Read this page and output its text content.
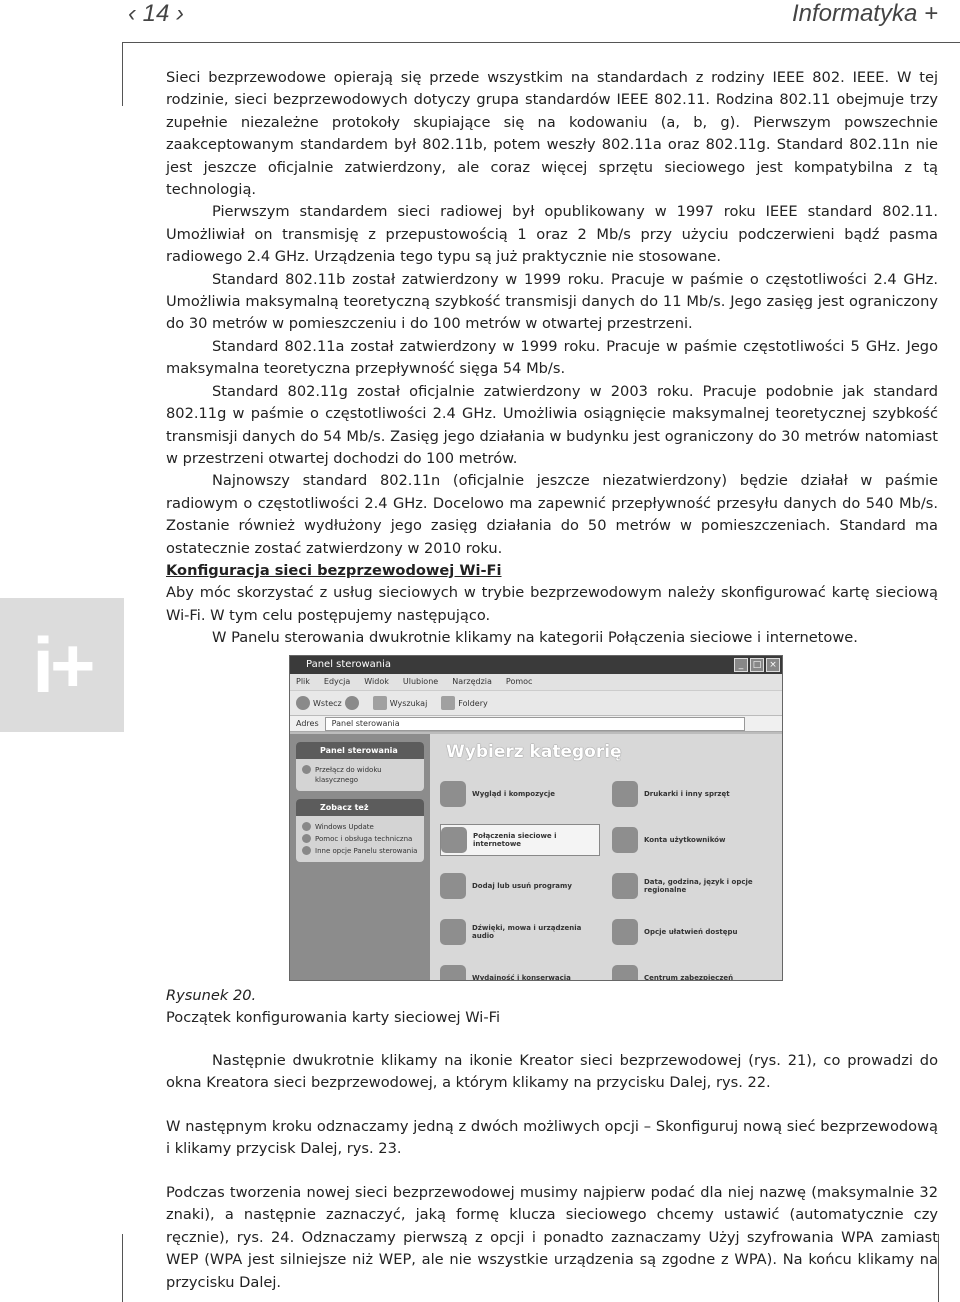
‹ 14 ›	Informatyka +
i+

Sieci bezprzewodowe opierają się przede wszystkim na standardach z rodziny IEEE 802. IEEE. W tej rodzinie, sieci bezprzewodowych dotyczy grupa standardów IEEE 802.11. Rodzina 802.11 obejmuje trzy zupełnie niezależne protokoły skupiające się na kodowaniu (a, b, g). Pierwszym powszechnie zaakceptowanym standardem był 802.11b, potem weszły 802.11a oraz 802.11g. Standard 802.11n nie jest jeszcze oficjalnie zatwierdzony, ale coraz więcej sprzętu sieciowego jest kompatybilna z tą technologią.

Pierwszym standardem sieci radiowej był opublikowany w 1997 roku IEEE standard 802.11. Umożliwiał on transmisję z przepustowością 1 oraz 2 Mb/s przy użyciu podczerwieni bądź pasma radiowego 2.4 GHz. Urządzenia tego typu są już praktycznie nie stosowane.

Standard 802.11b został zatwierdzony w 1999 roku. Pracuje w paśmie o częstotliwości 2.4 GHz. Umożliwia maksymalną teoretyczną szybkość transmisji danych do 11 Mb/s. Jego zasięg jest ograniczony do 30 metrów w pomieszczeniu i do 100 metrów w otwartej przestrzeni.

Standard 802.11a został zatwierdzony w 1999 roku. Pracuje w paśmie częstotliwości 5 GHz. Jego maksymalna teoretyczna przepływność sięga 54 Mb/s.

Standard 802.11g został oficjalnie zatwierdzony w 2003 roku. Pracuje podobnie jak standard 802.11g w paśmie o częstotliwości 2.4 GHz. Umożliwia osiągnięcie maksymalnej teoretycznej szybkość transmisji danych do 54 Mb/s. Zasięg jego działania w budynku jest ograniczony do 30 metrów natomiast w przestrzeni otwartej dochodzi do 100 metrów.

Najnowszy standard 802.11n (oficjalnie jeszcze niezatwierdzony) będzie działał w paśmie radiowym o częstotliwości 2.4 GHz. Docelowo ma zapewnić przepływność przesyłu danych do 540 Mb/s. Zostanie również wydłużony jego zasięg działania do 50 metrów w pomieszczeniach. Standard ma ostatecznie zostać zatwierdzony w 2010 roku.

Konfiguracja sieci bezprzewodowej Wi-Fi

Aby móc skorzystać z usług sieciowych w trybie bezprzewodowym należy skonfigurować kartę sieciową Wi-Fi. W tym celu postępujemy następująco.

W Panelu sterowania dwukrotnie klikamy na kategorii Połączenia sieciowe i internetowe.

Panel sterowania	_	□ ×
Plik Edycja Widok Ulubione Narzędzia Pomoc
Wstecz	Wyszukaj	Foldery
Adres	Panel sterowania
Panel sterowania
Przełącz do widoku klasycznego
Zobacz też
Windows Update
Pomoc i obsługa techniczna
Inne opcje Panelu sterowania
Wybierz kategorię
Wygląd i kompozycje	Drukarki i inny sprzęt
Połączenia sieciowe i internetowe	Konta użytkowników
Dodaj lub usuń programy	Data, godzina, język i opcje regionalne
Dźwięki, mowa i urządzenia audio	Opcje ułatwień dostępu
Wydajność i konserwacja	Centrum zabezpieczeń
Rysunek 20.
Początek konfigurowania karty sieciowej Wi-Fi

Następnie dwukrotnie klikamy na ikonie Kreator sieci bezprzewodowej (rys. 21), co prowadzi do okna Kreatora sieci bezprzewodowej, a którym klikamy na przycisku Dalej, rys. 22.

W następnym kroku odznaczamy jedną z dwóch możliwych opcji – Skonfiguruj nową sieć bezprzewodową i klikamy przycisk Dalej, rys. 23.

Podczas tworzenia nowej sieci bezprzewodowej musimy najpierw podać dla niej nazwę (maksymalnie 32 znaki), a następnie zaznaczyć, jaką formę klucza sieciowego chcemy ustawić (automatycznie czy ręcznie), rys. 24. Odznaczamy pierwszą z opcji i ponadto zaznaczamy Użyj szyfrowania WPA zamiast WEP (WPA jest silniejsze niż WEP, ale nie wszystkie urządzenia są zgodne z WPA). Na końcu klikamy na przycisku Dalej.
